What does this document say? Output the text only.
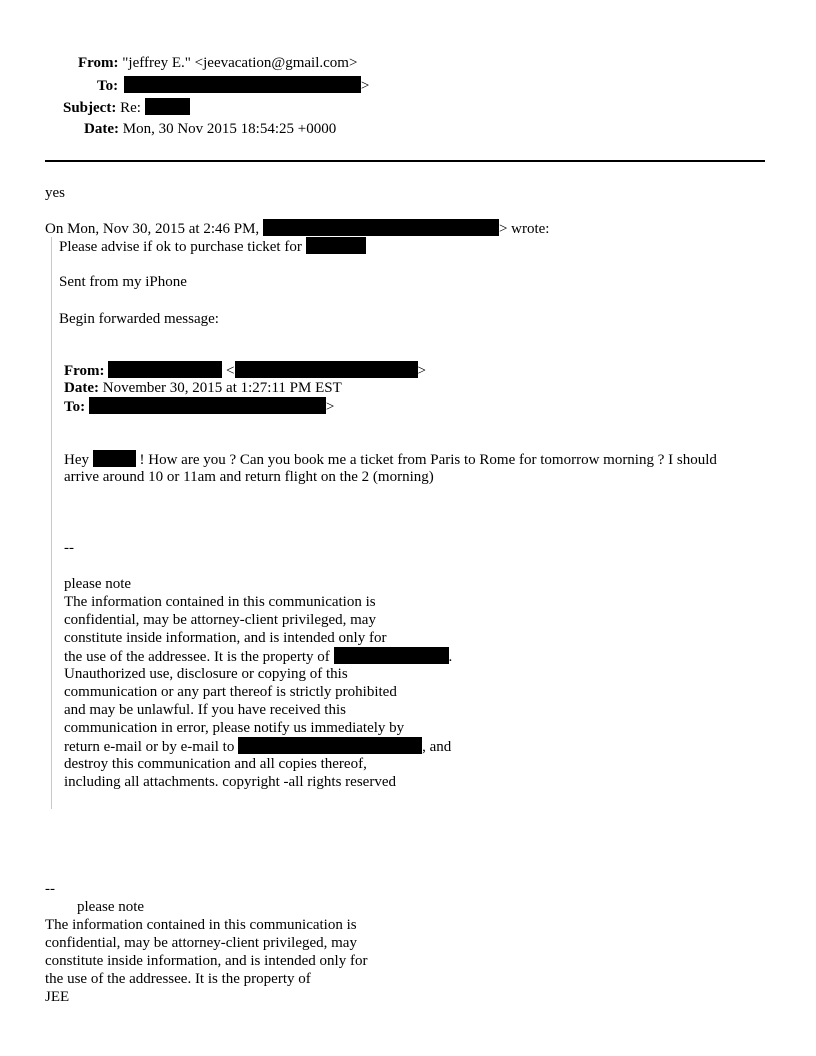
From: "jeffrey E." <jeevacation@gmail.com>
To:	>
Subject: Re:
Date: Mon, 30 Nov 2015 18:54:25 +0000
yes
On Mon, Nov 30, 2015 at 2:46 PM,	> wrote:
Please advise if ok to purchase ticket for
Sent from my iPhone
Begin forwarded message:
From:	<	>
Date: November 30, 2015 at 1:27:11 PM EST
To:	>
Hey	! How are you ? Can you book me a ticket from Paris to Rome for tomorrow morning ? I should
arrive around 10 or 11am and return flight on the 2 (morning)
--
please note
The information contained in this communication is
confidential, may be attorney-client privileged, may
constitute inside information, and is intended only for
the use of the addressee. It is the property of	.
Unauthorized use, disclosure or copying of this
communication or any part thereof is strictly prohibited
and may be unlawful. If you have received this
communication in error, please notify us immediately by
return e-mail or by e-mail to	, and
destroy this communication and all copies thereof,
including all attachments. copyright -all rights reserved
--
please note
The information contained in this communication is
confidential, may be attorney-client privileged, may
constitute inside information, and is intended only for
the use of the addressee. It is the property of
JEE
